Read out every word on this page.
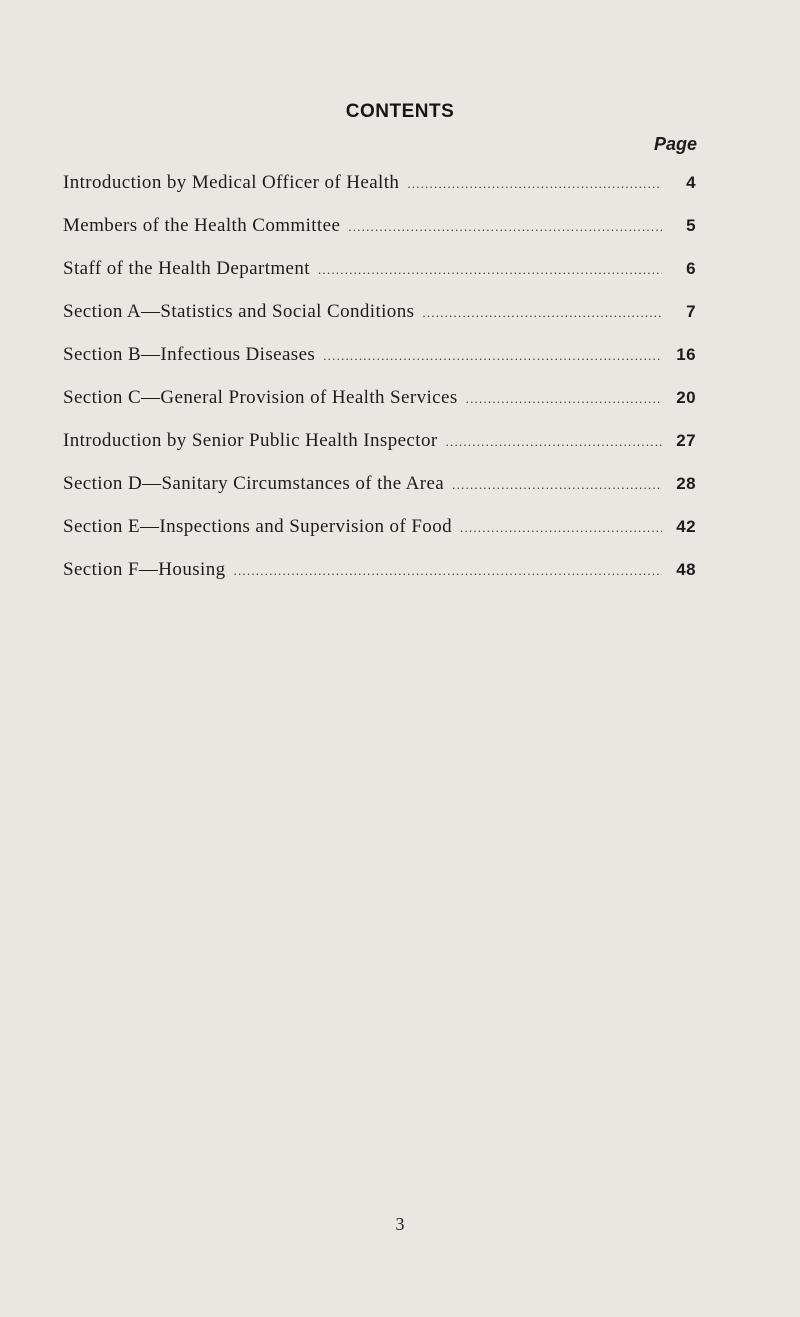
CONTENTS
Page
Introduction by Medical Officer of Health .....	4
Members of the Health Committee .....	5
Staff of the Health Department .....	6
Section A—Statistics and Social Conditions .....	7
Section B—Infectious Diseases .....	16
Section C—General Provision of Health Services .....	20
Introduction by Senior Public Health Inspector .....	27
Section D—Sanitary Circumstances of the Area .....	28
Section E—Inspections and Supervision of Food .....	42
Section F—Housing .....	48
3
